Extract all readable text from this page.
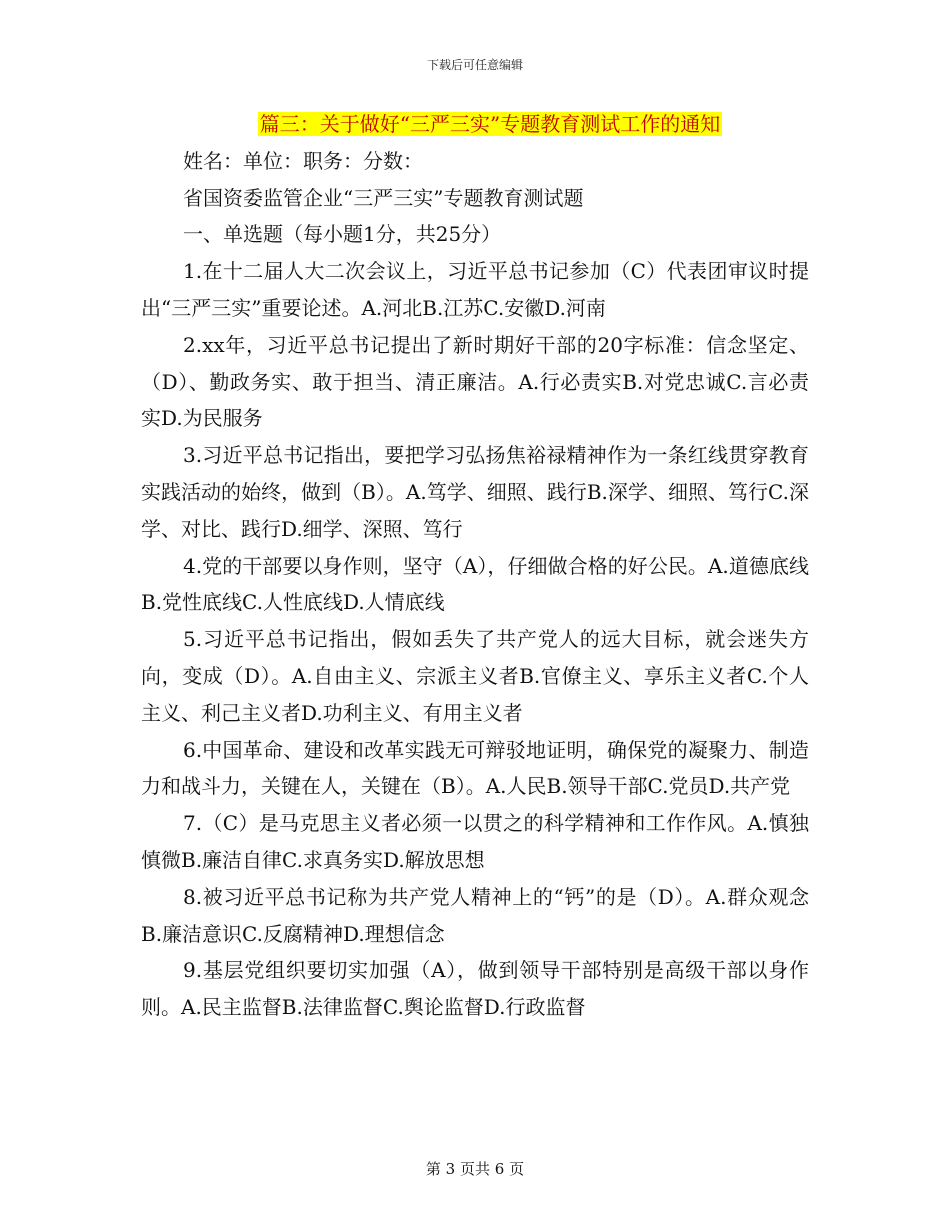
下载后可任意编辑

篇三：关于做好“三严三实”专题教育测试工作的通知

姓名：单位：职务：分数：

省国资委监管企业“三严三实”专题教育测试题

一、单选题（每小题1分，共25分）

1.在十二届人大二次会议上，习近平总书记参加（C）代表团审议时提出“三严三实”重要论述。A.河北B.江苏C.安徽D.河南

2.xx年，习近平总书记提出了新时期好干部的20字标准：信念坚定、（D）、勤政务实、敢于担当、清正廉洁。A.行必责实B.对党忠诚C.言必责实D.为民服务

3.习近平总书记指出，要把学习弘扬焦裕禄精神作为一条红线贯穿教育实践活动的始终，做到（B）。A.笃学、细照、践行B.深学、细照、笃行C.深学、对比、践行D.细学、深照、笃行

4.党的干部要以身作则，坚守（A），仔细做合格的好公民。A.道德底线B.党性底线C.人性底线D.人情底线

5.习近平总书记指出，假如丢失了共产党人的远大目标，就会迷失方向，变成（D）。A.自由主义、宗派主义者B.官僚主义、享乐主义者C.个人主义、利己主义者D.功利主义、有用主义者

6.中国革命、建设和改革实践无可辩驳地证明，确保党的凝聚力、制造力和战斗力，关键在人，关键在（B）。A.人民B.领导干部C.党员D.共产党

7.（C）是马克思主义者必须一以贯之的科学精神和工作作风。A.慎独慎微B.廉洁自律C.求真务实D.解放思想

8.被习近平总书记称为共产党人精神上的“钙”的是（D）。A.群众观念B.廉洁意识C.反腐精神D.理想信念

9.基层党组织要切实加强（A），做到领导干部特别是高级干部以身作则。A.民主监督B.法律监督C.舆论监督D.行政监督

第 3 页共 6 页
